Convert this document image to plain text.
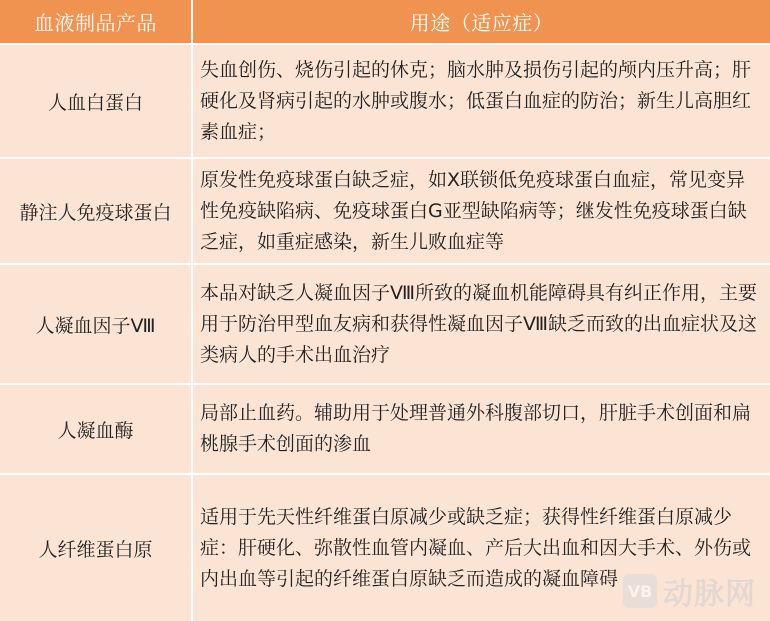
血液制品产品	用途（适应症）
人血白蛋白
失血创伤、烧伤引起的休克；脑水肿及损伤引起的颅内压升高；肝硬化及肾病引起的水肿或腹水；低蛋白血症的防治；新生儿高胆红素血症；
静注人免疫球蛋白
原发性免疫球蛋白缺乏症，如X联锁低免疫球蛋白血症，常见变异性免疫缺陷病、免疫球蛋白G亚型缺陷病等；继发性免疫球蛋白缺乏症，如重症感染，新生儿败血症等
人凝血因子Ⅷ
本品对缺乏人凝血因子Ⅷ所致的凝血机能障碍具有纠正作用，主要用于防治甲型血友病和获得性凝血因子Ⅷ缺乏而致的出血症状及这类病人的手术出血治疗
人凝血酶
局部止血药。辅助用于处理普通外科腹部切口，肝脏手术创面和扁桃腺手术创面的渗血
人纤维蛋白原
适用于先天性纤维蛋白原减少或缺乏症；获得性纤维蛋白原减少症：肝硬化、弥散性血管内凝血、产后大出血和因大手术、外伤或内出血等引起的纤维蛋白原缺乏而造成的凝血障碍
VB 动脉网
